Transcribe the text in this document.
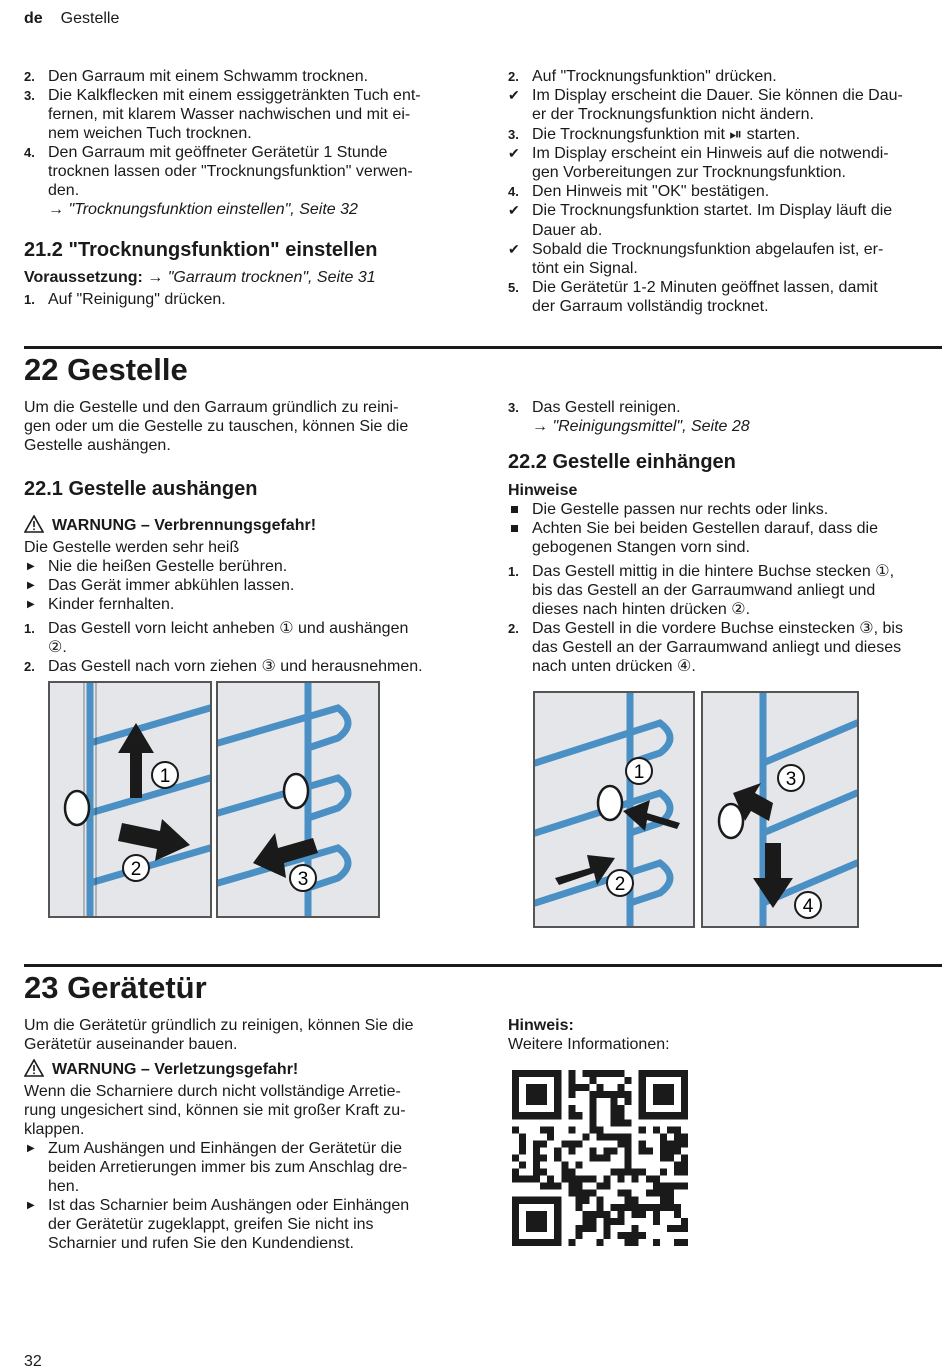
de Gestelle
2. Den Garraum mit einem Schwamm trocknen.
3. Die Kalkflecken mit einem essiggetränkten Tuch ent-
fernen, mit klarem Wasser nachwischen und mit ei-
nem weichen Tuch trocknen.
4. Den Garraum mit geöffneter Gerätetür 1 Stunde
trocknen lassen oder "Trocknungsfunktion" verwen-
den.
→ "Trocknungsfunktion einstellen", Seite 32
21.2 "Trocknungsfunktion" einstellen
Voraussetzung: → "Garraum trocknen", Seite 31
1. Auf "Reinigung" drücken.
2. Auf "Trocknungsfunktion" drücken.
✔ Im Display erscheint die Dauer. Sie können die Dau-
er der Trocknungsfunktion nicht ändern.
3. Die Trocknungsfunktion mit ⏯ starten.
✔ Im Display erscheint ein Hinweis auf die notwendi-
gen Vorbereitungen zur Trocknungsfunktion.
4. Den Hinweis mit "OK" bestätigen.
✔ Die Trocknungsfunktion startet. Im Display läuft die
Dauer ab.
✔ Sobald die Trocknungsfunktion abgelaufen ist, er-
tönt ein Signal.
5. Die Gerätetür 1-2 Minuten geöffnet lassen, damit
der Garraum vollständig trocknet.
22 Gestelle
Um die Gestelle und den Garraum gründlich zu reini-
gen oder um die Gestelle zu tauschen, können Sie die
Gestelle aushängen.
22.1 Gestelle aushängen
WARNUNG – Verbrennungsgefahr!
Die Gestelle werden sehr heiß
▶ Nie die heißen Gestelle berühren.
▶ Das Gerät immer abkühlen lassen.
▶ Kinder fernhalten.
1. Das Gestell vorn leicht anheben ① und aushängen
②.
2. Das Gestell nach vorn ziehen ③ und herausnehmen.
3. Das Gestell reinigen.
→ "Reinigungsmittel", Seite 28
22.2 Gestelle einhängen
Hinweise
Die Gestelle passen nur rechts oder links.
Achten Sie bei beiden Gestellen darauf, dass die
gebogenen Stangen vorn sind.
1. Das Gestell mittig in die hintere Buchse stecken ①,
bis das Gestell an der Garraumwand anliegt und
dieses nach hinten drücken ②.
2. Das Gestell in die vordere Buchse einstecken ③, bis
das Gestell an der Garraumwand anliegt und dieses
nach unten drücken ④.
1
2	3
1
2
3
4
23 Gerätetür
Um die Gerätetür gründlich zu reinigen, können Sie die
Gerätetür auseinander bauen.
WARNUNG – Verletzungsgefahr!
Wenn die Scharniere durch nicht vollständige Arretie-
rung ungesichert sind, können sie mit großer Kraft zu-
klappen.
▶ Zum Aushängen und Einhängen der Gerätetür die
beiden Arretierungen immer bis zum Anschlag dre-
hen.
▶ Ist das Scharnier beim Aushängen oder Einhängen
der Gerätetür zugeklappt, greifen Sie nicht ins
Scharnier und rufen Sie den Kundendienst.
Hinweis:
Weitere Informationen:
32
